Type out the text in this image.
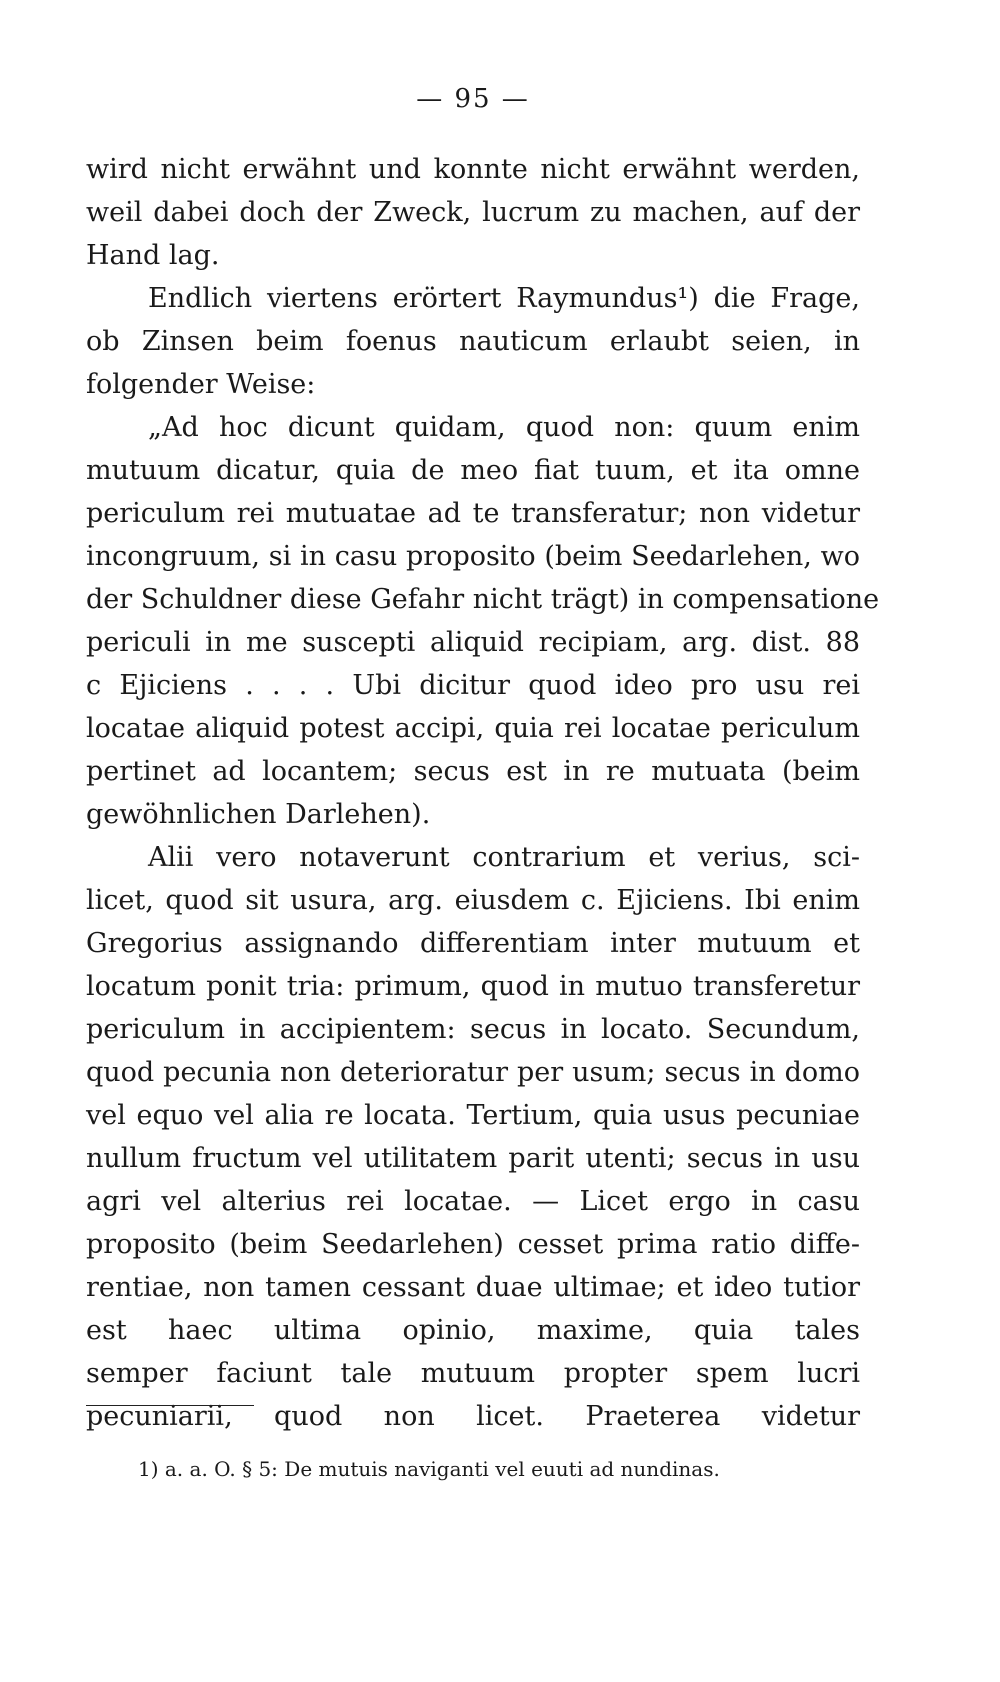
— 95 —
wird nicht erwähnt und konnte nicht erwähnt werden,
weil dabei doch der Zweck, lucrum zu machen, auf der
Hand lag.
Endlich viertens erörtert Raymundus¹) die Frage,
ob Zinsen beim foenus nauticum erlaubt seien, in
folgender Weise:
„Ad hoc dicunt quidam, quod non: quum enim
mutuum dicatur, quia de meo fiat tuum, et ita omne
periculum rei mutuatae ad te transferatur; non videtur
incongruum, si in casu proposito (beim Seedarlehen, wo
der Schuldner diese Gefahr nicht trägt) in compensatione
periculi in me suscepti aliquid recipiam, arg. dist. 88
c Ejiciens . . . . Ubi dicitur quod ideo pro usu rei
locatae aliquid potest accipi, quia rei locatae periculum
pertinet ad locantem; secus est in re mutuata (beim
gewöhnlichen Darlehen).
Alii vero notaverunt contrarium et verius, sci-
licet, quod sit usura, arg. eiusdem c. Ejiciens. Ibi enim
Gregorius assignando differentiam inter mutuum et
locatum ponit tria: primum, quod in mutuo transferetur
periculum in accipientem: secus in locato. Secundum,
quod pecunia non deterioratur per usum; secus in domo
vel equo vel alia re locata. Tertium, quia usus pecuniae
nullum fructum vel utilitatem parit utenti; secus in usu
agri vel alterius rei locatae. — Licet ergo in casu
proposito (beim Seedarlehen) cesset prima ratio diffe-
rentiae, non tamen cessant duae ultimae; et ideo tutior
est haec ultima opinio, maxime, quia tales
semper faciunt tale mutuum propter spem lucri
pecuniarii, quod non licet. Praeterea videtur
1) a. a. O. § 5: De mutuis naviganti vel euuti ad nundinas.
